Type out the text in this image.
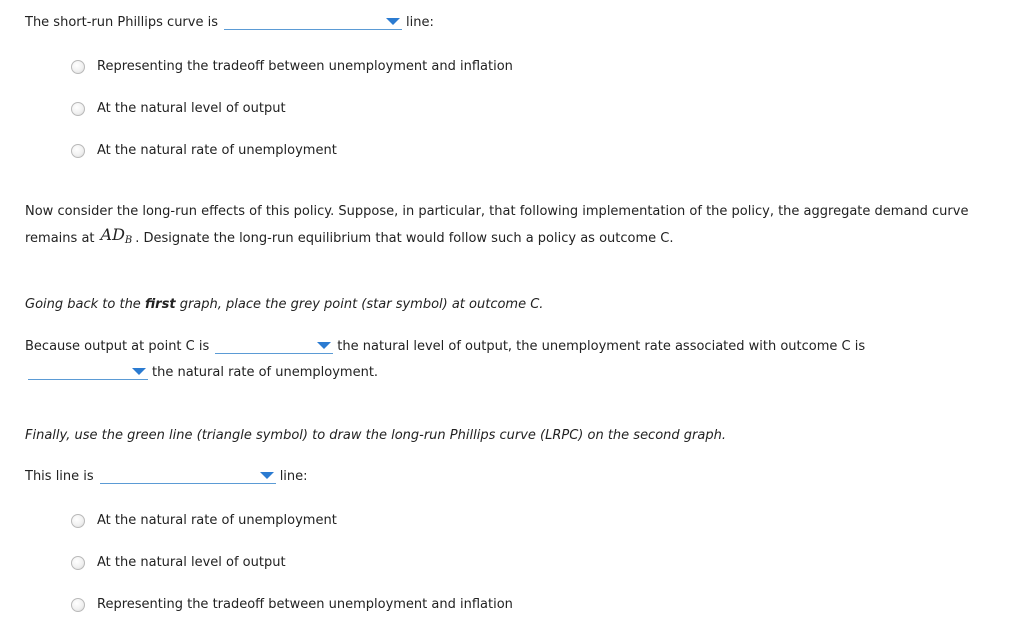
The short-run Phillips curve is	line:
Representing the tradeoff between unemployment and inflation
At the natural level of output
At the natural rate of unemployment
Now consider the long-run effects of this policy. Suppose, in particular, that following implementation of the policy, the aggregate demand curve
remains at $AD_B$ . Designate the long-run equilibrium that would follow such a policy as outcome C.
Going back to the first graph, place the grey point (star symbol) at outcome C.
Because output at point C is	the natural level of output, the unemployment rate associated with outcome C is
the natural rate of unemployment.
Finally, use the green line (triangle symbol) to draw the long-run Phillips curve (LRPC) on the second graph.
This line is	line:
At the natural rate of unemployment
At the natural level of output
Representing the tradeoff between unemployment and inflation
